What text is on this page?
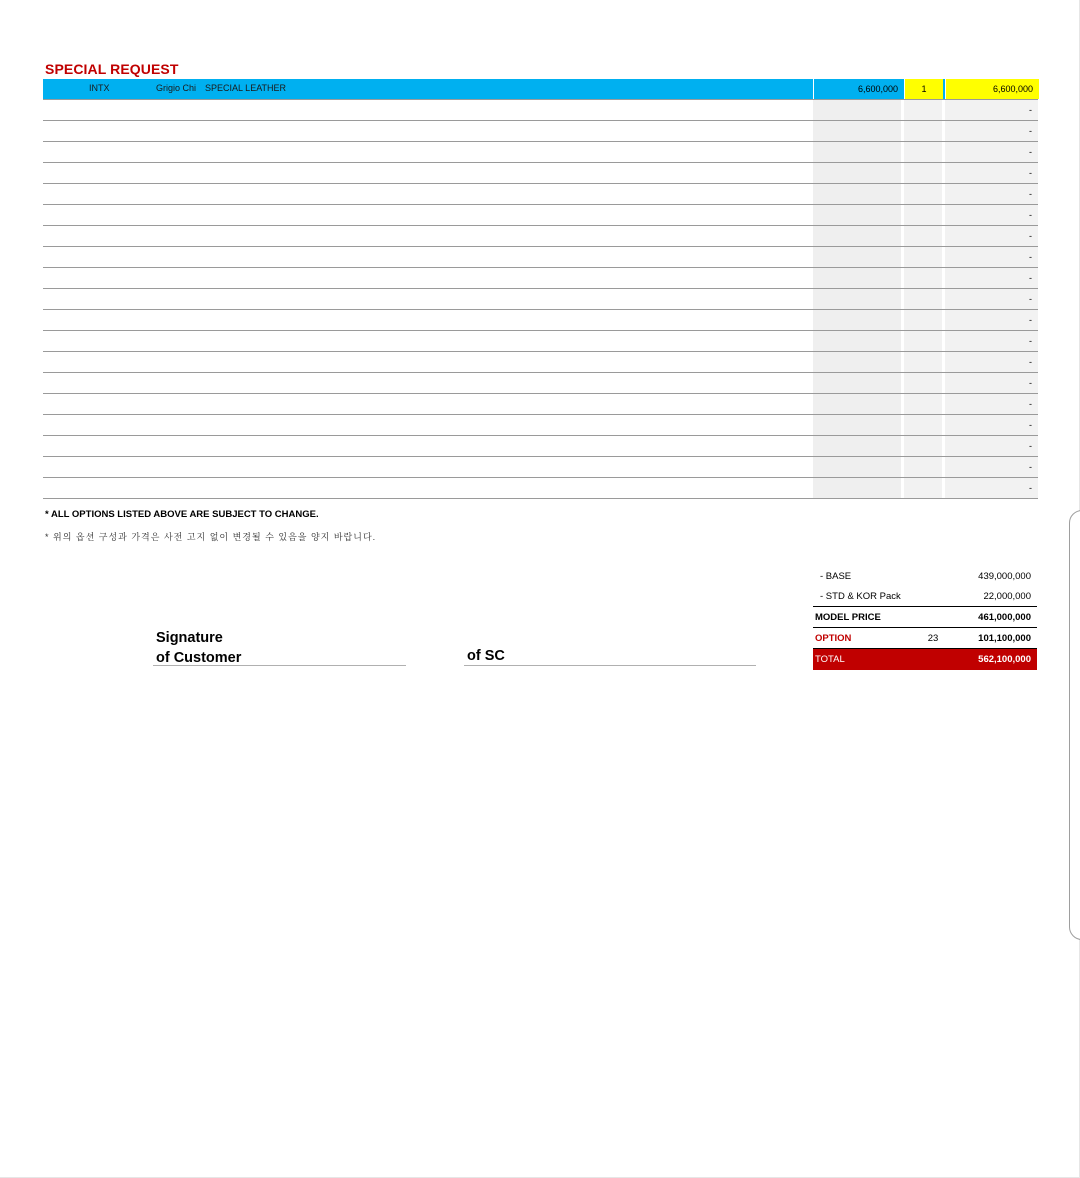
SPECIAL REQUEST
INTX	Grigio Chi SPECIAL LEATHER	6,600,000	1	6,600,000
-
-
-
-
-
-
-
-
-
-
-
-
-
-
-
-
-
-
-
* ALL OPTIONS LISTED ABOVE ARE SUBJECT TO CHANGE.
* 위의 옵션 구성과 가격은 사전 고지 없이 변경될 수 있음을 양지 바랍니다.
- BASE	439,000,000
- STD & KOR Pack	22,000,000
MODEL PRICE	461,000,000
OPTION	23	101,100,000
TOTAL	562,100,000
Signature
of Customer	of SC
